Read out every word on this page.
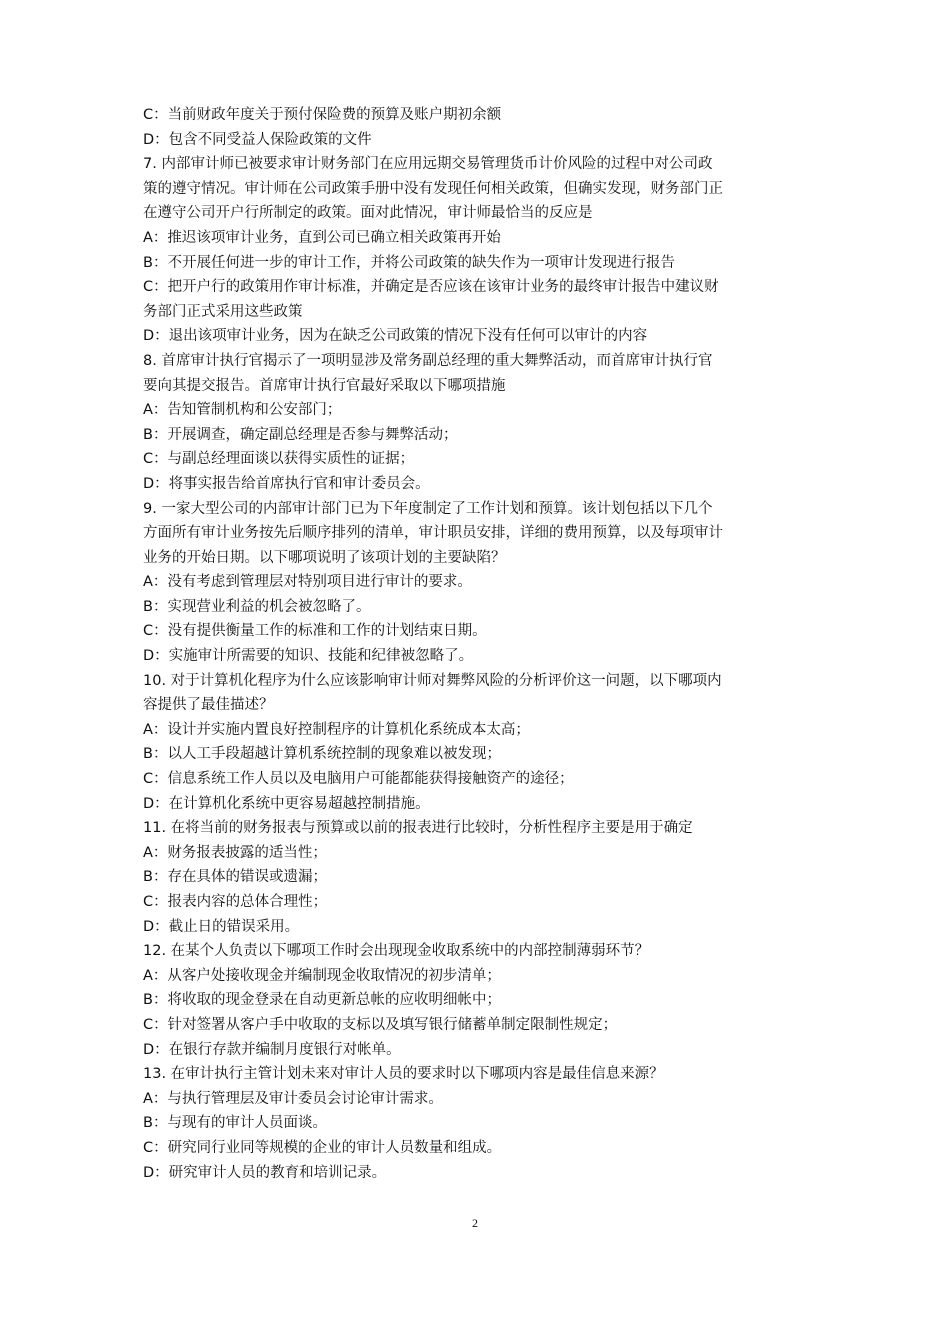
C：当前财政年度关于预付保险费的预算及账户期初余额
D：包含不同受益人保险政策的文件
7. 内部审计师已被要求审计财务部门在应用远期交易管理货币计价风险的过程中对公司政
策的遵守情况。审计师在公司政策手册中没有发现任何相关政策，但确实发现，财务部门正
在遵守公司开户行所制定的政策。面对此情况，审计师最恰当的反应是
A：推迟该项审计业务，直到公司已确立相关政策再开始
B：不开展任何进一步的审计工作，并将公司政策的缺失作为一项审计发现进行报告
C：把开户行的政策用作审计标准，并确定是否应该在该审计业务的最终审计报告中建议财
务部门正式采用这些政策
D：退出该项审计业务，因为在缺乏公司政策的情况下没有任何可以审计的内容
8. 首席审计执行官揭示了一项明显涉及常务副总经理的重大舞弊活动，而首席审计执行官
要向其提交报告。首席审计执行官最好采取以下哪项措施
A：告知管制机构和公安部门；
B：开展调查，确定副总经理是否参与舞弊活动；
C：与副总经理面谈以获得实质性的证据；
D：将事实报告给首席执行官和审计委员会。
9. 一家大型公司的内部审计部门已为下年度制定了工作计划和预算。该计划包括以下几个
方面所有审计业务按先后顺序排列的清单，审计职员安排，详细的费用预算，以及每项审计
业务的开始日期。以下哪项说明了该项计划的主要缺陷？
A：没有考虑到管理层对特别项目进行审计的要求。
B：实现营业利益的机会被忽略了。
C：没有提供衡量工作的标准和工作的计划结束日期。
D：实施审计所需要的知识、技能和纪律被忽略了。
10. 对于计算机化程序为什么应该影响审计师对舞弊风险的分析评价这一问题，以下哪项内
容提供了最佳描述？
A：设计并实施内置良好控制程序的计算机化系统成本太高；
B：以人工手段超越计算机系统控制的现象难以被发现；
C：信息系统工作人员以及电脑用户可能都能获得接触资产的途径；
D：在计算机化系统中更容易超越控制措施。
11. 在将当前的财务报表与预算或以前的报表进行比较时，分析性程序主要是用于确定
A：财务报表披露的适当性；
B：存在具体的错误或遗漏；
C：报表内容的总体合理性；
D：截止日的错误采用。
12. 在某个人负责以下哪项工作时会出现现金收取系统中的内部控制薄弱环节？
A：从客户处接收现金并编制现金收取情况的初步清单；
B：将收取的现金登录在自动更新总帐的应收明细帐中；
C：针对签署从客户手中收取的支标以及填写银行储蓄单制定限制性规定；
D：在银行存款并编制月度银行对帐单。
13. 在审计执行主管计划未来对审计人员的要求时以下哪项内容是最佳信息来源？
A：与执行管理层及审计委员会讨论审计需求。
B：与现有的审计人员面谈。
C：研究同行业同等规模的企业的审计人员数量和组成。
D：研究审计人员的教育和培训记录。
2
